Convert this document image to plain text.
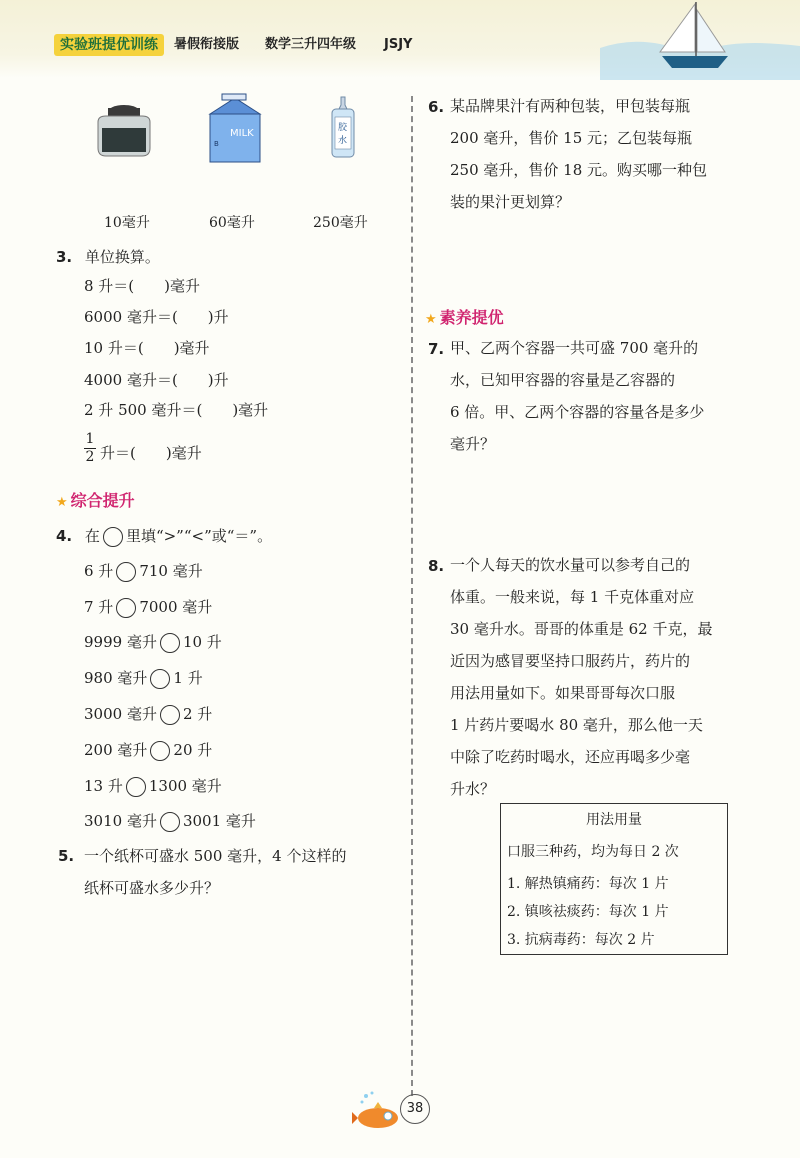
实验班提优训练	暑假衔接版 数学三升四年级 JSJY
MILK
B
胶
水
10毫升	60毫升	250毫升
3. 单位换算。
8 升＝(　　)毫升
6000 毫升＝(　　)升
10 升＝(　　)毫升
4000 毫升＝(　　)升
2 升 500 毫升＝(　　)毫升
$\frac{1}{2}$ 升＝(　　)毫升
★ 综合提升
4. 在 里填“>”“<”或“＝”。
6 升 710 毫升
7 升 7000 毫升
9999 毫升 10 升
980 毫升 1 升
3000 毫升 2 升
200 毫升 20 升
13 升 1300 毫升
3010 毫升 3001 毫升
5. 一个纸杯可盛水 500 毫升，4 个这样的
纸杯可盛水多少升？
6. 某品牌果汁有两种包装，甲包装每瓶
200 毫升，售价 15 元；乙包装每瓶
250 毫升，售价 18 元。购买哪一种包
装的果汁更划算？
★ 素养提优
7. 甲、乙两个容器一共可盛 700 毫升的
水，已知甲容器的容量是乙容器的
6 倍。甲、乙两个容器的容量各是多少
毫升？
8. 一个人每天的饮水量可以参考自己的
体重。一般来说，每 1 千克体重对应
30 毫升水。哥哥的体重是 62 千克，最
近因为感冒要坚持口服药片，药片的
用法用量如下。如果哥哥每次口服
1 片药片要喝水 80 毫升，那么他一天
中除了吃药时喝水，还应再喝多少毫
升水？
用法用量
口服三种药，均为每日 2 次
1. 解热镇痛药：每次 1 片
2. 镇咳祛痰药：每次 1 片
3. 抗病毒药：每次 2 片
38
